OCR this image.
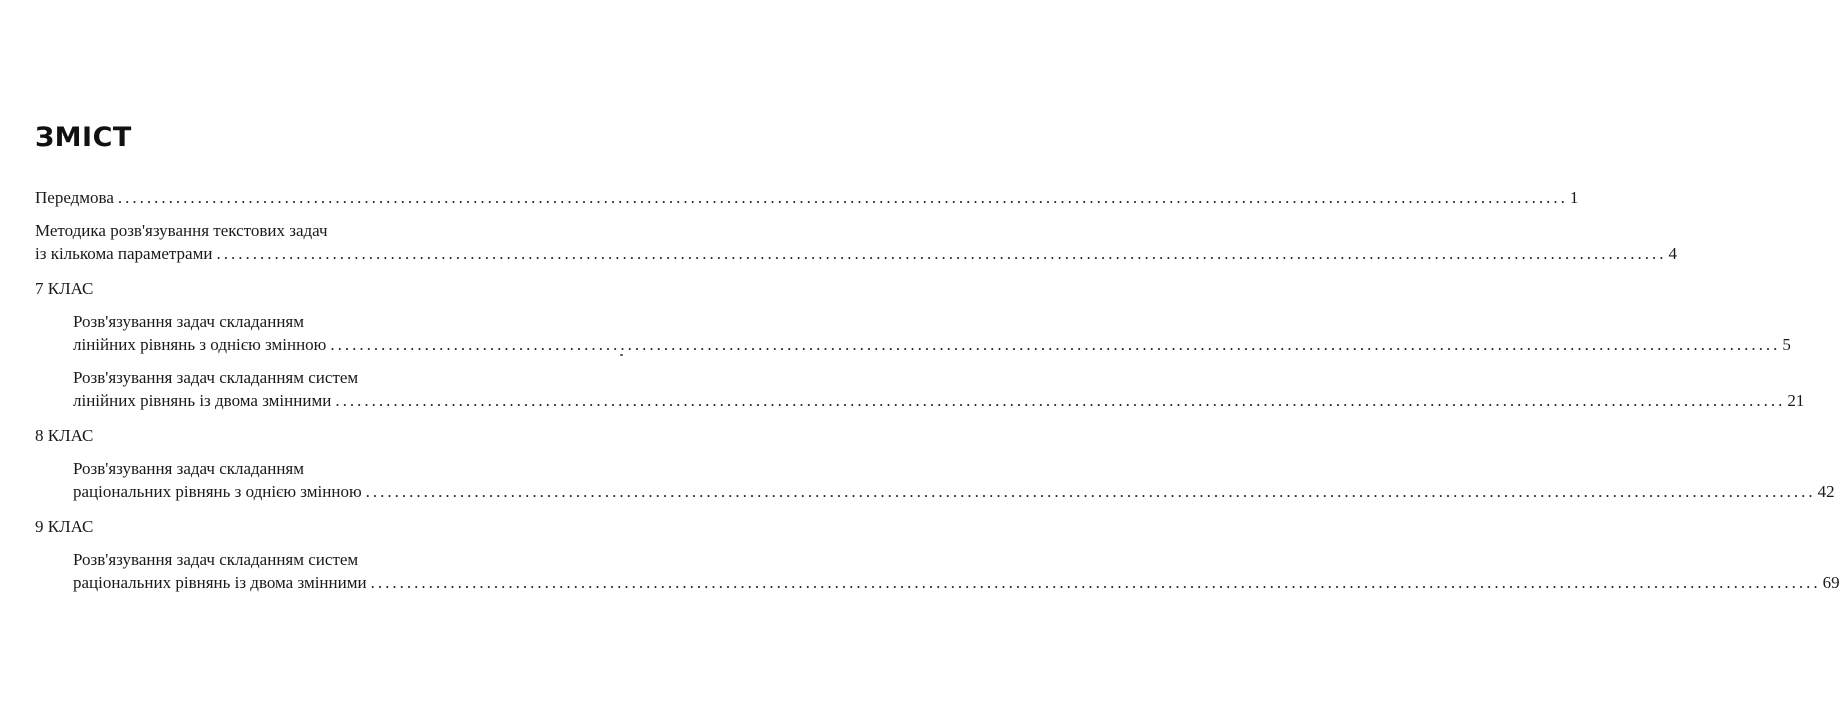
ЗМІСТ
Передмова ........................................................................................................................................................................................................ 1
Методика розв'язування текстових задач
із кількома параметрами ........................................................................................................................................................................................................ 4
7 КЛАС
Розв'язування задач складанням
лінійних рівнянь з однією змінною ........................................................................................................................................................................................................ 5
Розв'язування задач складанням систем
лінійних рівнянь із двома змінними ........................................................................................................................................................................................................ 21
8 КЛАС
Розв'язування задач складанням
раціональних рівнянь з однією змінною ........................................................................................................................................................................................................ 42
9 КЛАС
Розв'язування задач складанням систем
раціональних рівнянь із двома змінними ........................................................................................................................................................................................................ 69
